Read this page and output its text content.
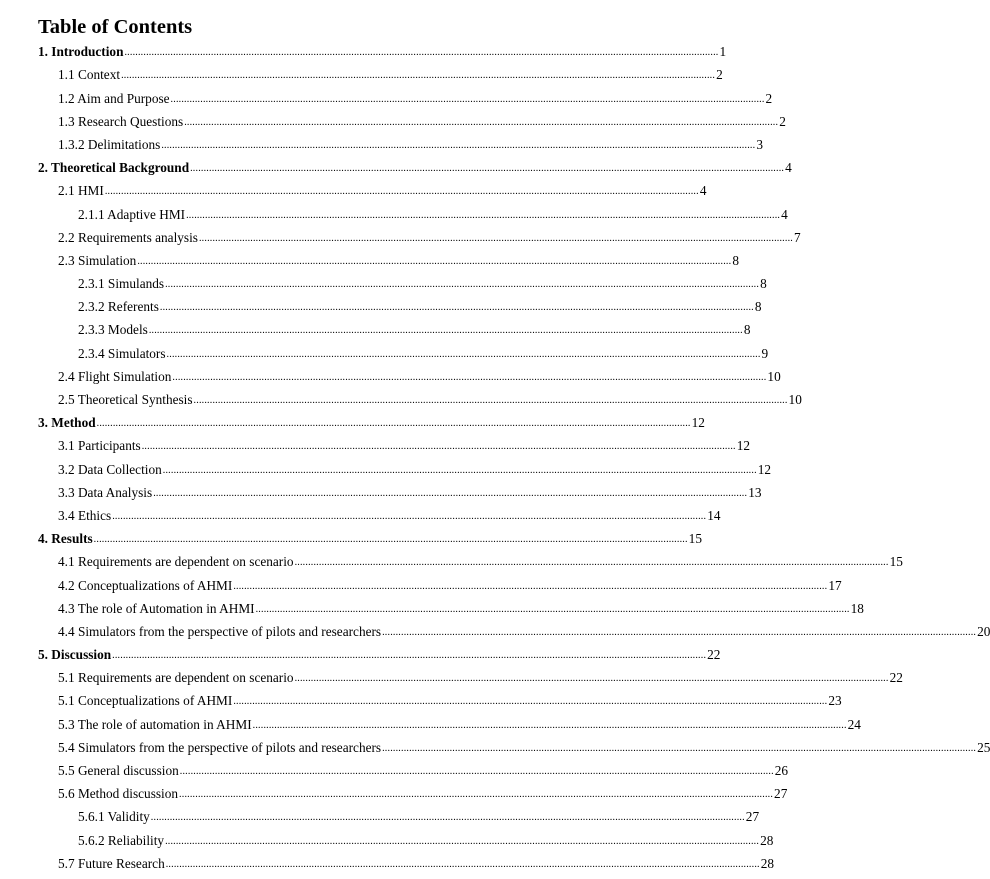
Table of Contents
1. Introduction ............................................................................................................................................................................................................................ 1
1.1 Context ............................................................................................................................................................................................................................ 2
1.2 Aim and Purpose ............................................................................................................................................................................................................................ 2
1.3 Research Questions ............................................................................................................................................................................................................................ 2
1.3.2 Delimitations ............................................................................................................................................................................................................................ 3
2. Theoretical Background ............................................................................................................................................................................................................................ 4
2.1 HMI ............................................................................................................................................................................................................................ 4
2.1.1 Adaptive HMI ............................................................................................................................................................................................................................ 4
2.2 Requirements analysis ............................................................................................................................................................................................................................ 7
2.3 Simulation ............................................................................................................................................................................................................................ 8
2.3.1 Simulands ............................................................................................................................................................................................................................ 8
2.3.2 Referents ............................................................................................................................................................................................................................ 8
2.3.3 Models ............................................................................................................................................................................................................................ 8
2.3.4 Simulators ............................................................................................................................................................................................................................ 9
2.4 Flight Simulation ............................................................................................................................................................................................................................ 10
2.5 Theoretical Synthesis ............................................................................................................................................................................................................................ 10
3. Method ............................................................................................................................................................................................................................ 12
3.1 Participants ............................................................................................................................................................................................................................ 12
3.2 Data Collection ............................................................................................................................................................................................................................ 12
3.3 Data Analysis ............................................................................................................................................................................................................................ 13
3.4 Ethics ............................................................................................................................................................................................................................ 14
4. Results ............................................................................................................................................................................................................................ 15
4.1 Requirements are dependent on scenario ............................................................................................................................................................................................................................ 15
4.2 Conceptualizations of AHMI ............................................................................................................................................................................................................................ 17
4.3 The role of Automation in AHMI ............................................................................................................................................................................................................................ 18
4.4 Simulators from the perspective of pilots and researchers ............................................................................................................................................................................................................................ 20
5. Discussion ............................................................................................................................................................................................................................ 22
5.1 Requirements are dependent on scenario ............................................................................................................................................................................................................................ 22
5.1 Conceptualizations of AHMI ............................................................................................................................................................................................................................ 23
5.3 The role of automation in AHMI ............................................................................................................................................................................................................................ 24
5.4 Simulators from the perspective of pilots and researchers ............................................................................................................................................................................................................................ 25
5.5 General discussion ............................................................................................................................................................................................................................ 26
5.6 Method discussion ............................................................................................................................................................................................................................ 27
5.6.1 Validity ............................................................................................................................................................................................................................ 27
5.6.2 Reliability ............................................................................................................................................................................................................................ 28
5.7 Future Research ............................................................................................................................................................................................................................ 28
